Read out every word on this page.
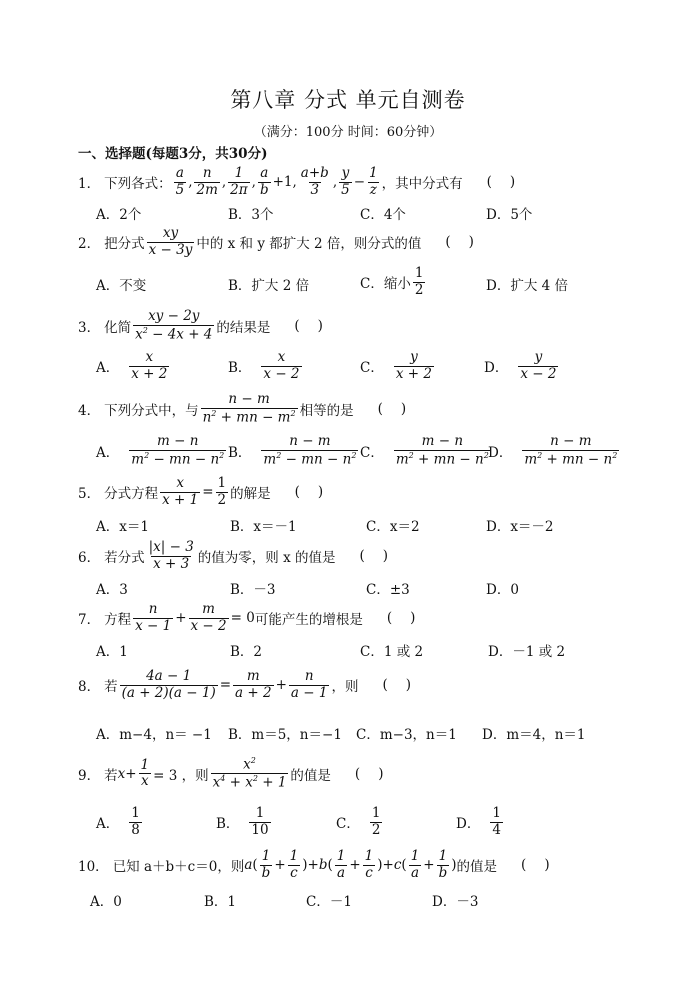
第八章 分式 单元自测卷
（满分：100分 时间：60分钟）
一、选择题(每题3分，共30分)
1． 下列各式： $\frac{a}{5}$ , $\frac{n}{2m}$ , $\frac{1}{2\pi}$ , $\frac{a}{b} +1$, $\frac{a+b}{3}$ , $\frac{y}{5} - \frac{1}{z}$ ，其中分式有 ()
A．2个	B．3个	C．4个	D．5个
2． 把分式 $\frac{xy}{x - 3y}$ 中的 x 和 y 都扩大 2 倍，则分式的值 ()
A．不变	B．扩大 2 倍	C．缩小 $\frac{1}{2}$	D．扩大 4 倍
3． 化简 $\frac{xy - 2y}{x^2 - 4x + 4}$ 的结果是 ()
A． $\frac{x}{x + 2}$	B． $\frac{x}{x - 2}$	C． $\frac{y}{x + 2}$	D． $\frac{y}{x - 2}$
4． 下列分式中，与 $\frac{n - m}{n^2 + mn - m^2}$ 相等的是 ()
A． $\frac{m - n}{m^2 - mn - n^2}$ B． $\frac{n - m}{m^2 - mn - n^2}$ C． $\frac{m - n}{m^2 + mn - n^2}$
D． $\frac{n - m}{m^2 + mn - n^2}$
5． 分式方程 $\frac{x}{x + 1} = \frac{1}{2}$ 的解是 ()
A．x＝1	B．x＝－1	C．x＝2	D．x＝－2
6． 若分式 $\frac{|x| - 3}{x + 3}$ 的值为零，则 x 的值是 ()
A．3	B．－3	C．±3	D．0
7． 方程 $\frac{n}{x - 1} + \frac{m}{x - 2} = 0$ 可能产生的增根是 ()
A．1	B．2	C．1 或 2	D．－1 或 2
8． 若 $\frac{4a - 1}{(a + 2)(a - 1)} = \frac{m}{a + 2} + \frac{n}{a - 1}$ ，则 ()
A．m−4，n＝ −1 B．m＝5，n＝−1 C．m−3，n＝1 D．m＝4，n＝1
9． 若 $x + \frac{1}{x} = 3$ ，则 $\frac{x^2}{x^4 + x^2 + 1}$ 的值是 ()
A． $\frac{1}{8}$	B． $\frac{1}{10}$	C． $\frac{1}{2}$	D． $\frac{1}{4}$
10． 已知 a＋b＋c＝0，则 a ( $\frac{1}{b} + \frac{1}{c}$ )+ b ( $\frac{1}{a} + \frac{1}{c}$ )+ c ( $\frac{1}{a} + \frac{1}{b}$ ) 的值是 ()
A．0	B．1	C．－1	D．－3
